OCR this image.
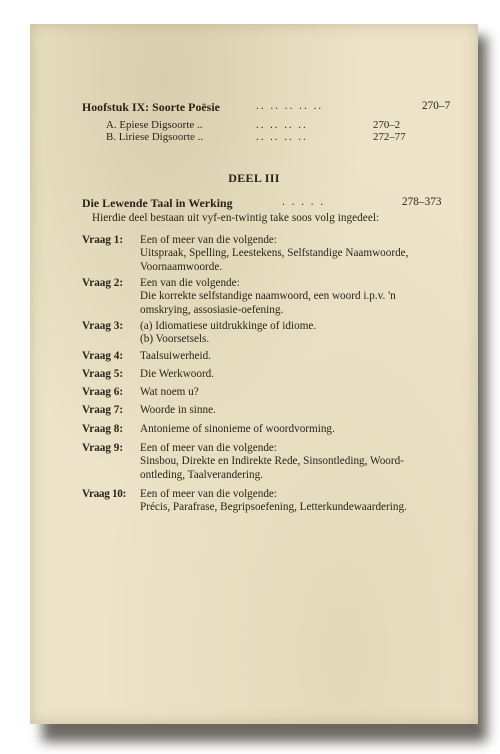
Hoofstuk IX: Soorte Poësie	.. .. .. .. ..	270–7
A. Epiese Digsoorte ..	.. .. .. ..	270–2
B. Liriese Digsoorte ..	.. .. .. ..	272–77
DEEL III
Die Lewende Taal in Werking	. . . . .	278–373
Hierdie deel bestaan uit vyf-en-twintig take soos volg ingedeel:
Vraag 1: Een of meer van die volgende:
Uitspraak, Spelling, Leestekens, Selfstandige Naamwoorde,
Voornaamwoorde.
Vraag 2: Een van die volgende:
Die korrekte selfstandige naamwoord, een woord i.p.v. 'n
omskrying, assosiasie-oefening.
Vraag 3: (a) Idiomatiese uitdrukkinge of idiome.
(b) Voorsetsels.
Vraag 4: Taalsuiwerheid.
Vraag 5: Die Werkwoord.
Vraag 6: Wat noem u?
Vraag 7: Woorde in sinne.
Vraag 8: Antonieme of sinonieme of woordvorming.
Vraag 9: Een of meer van die volgende:
Sinsbou, Direkte en Indirekte Rede, Sinsontleding, Woord-
ontleding, Taalverandering.
Vraag 10: Een of meer van die volgende:
Précis, Parafrase, Begripsoefening, Letterkundewaardering.
